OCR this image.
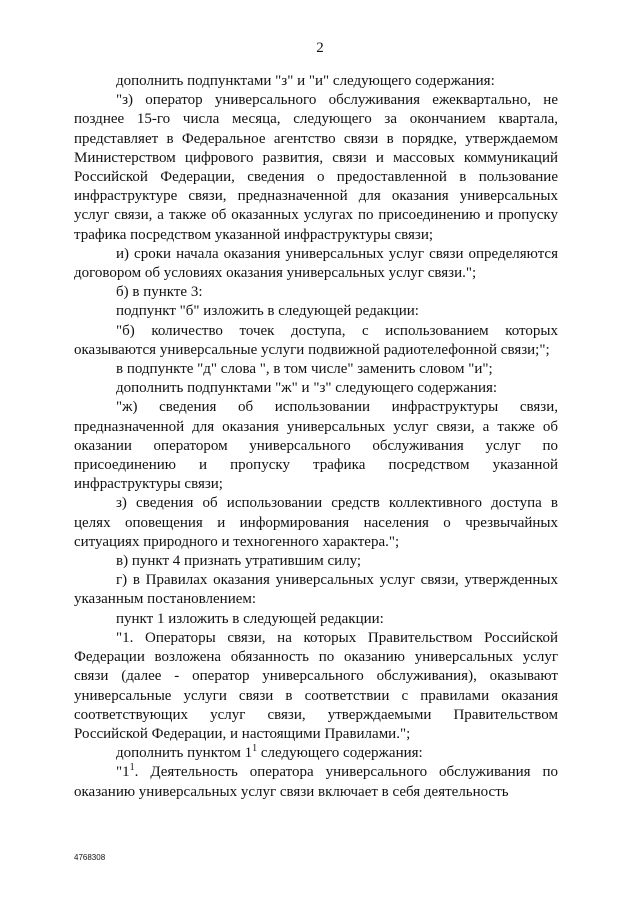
2

дополнить подпунктами "з" и "и" следующего содержания:

"з) оператор универсального обслуживания ежеквартально, не позднее 15-го числа месяца, следующего за окончанием квартала, представляет в Федеральное агентство связи в порядке, утверждаемом Министерством цифрового развития, связи и массовых коммуникаций Российской Федерации, сведения о предоставленной в пользование инфраструктуре связи, предназначенной для оказания универсальных услуг связи, а также об оказанных услугах по присоединению и пропуску трафика посредством указанной инфраструктуры связи;

и) сроки начала оказания универсальных услуг связи определяются договором об условиях оказания универсальных услуг связи.";

б) в пункте 3:

подпункт "б" изложить в следующей редакции:

"б) количество точек доступа, с использованием которых оказываются универсальные услуги подвижной радиотелефонной связи;";

в подпункте "д" слова ", в том числе" заменить словом "и";

дополнить подпунктами "ж" и "з" следующего содержания:

"ж) сведения об использовании инфраструктуры связи, предназначенной для оказания универсальных услуг связи, а также об оказании оператором универсального обслуживания услуг по присоединению и пропуску трафика посредством указанной инфраструктуры связи;

з) сведения об использовании средств коллективного доступа в целях оповещения и информирования населения о чрезвычайных ситуациях природного и техногенного характера.";

в) пункт 4 признать утратившим силу;

г) в Правилах оказания универсальных услуг связи, утвержденных указанным постановлением:

пункт 1 изложить в следующей редакции:

"1. Операторы связи, на которых Правительством Российской Федерации возложена обязанность по оказанию универсальных услуг связи (далее - оператор универсального обслуживания), оказывают универсальные услуги связи в соответствии с правилами оказания соответствующих услуг связи, утверждаемыми Правительством Российской Федерации, и настоящими Правилами.";

дополнить пунктом $1^1$ следующего содержания:

"$1^1$. Деятельность оператора универсального обслуживания по оказанию универсальных услуг связи включает в себя деятельность

4768308
